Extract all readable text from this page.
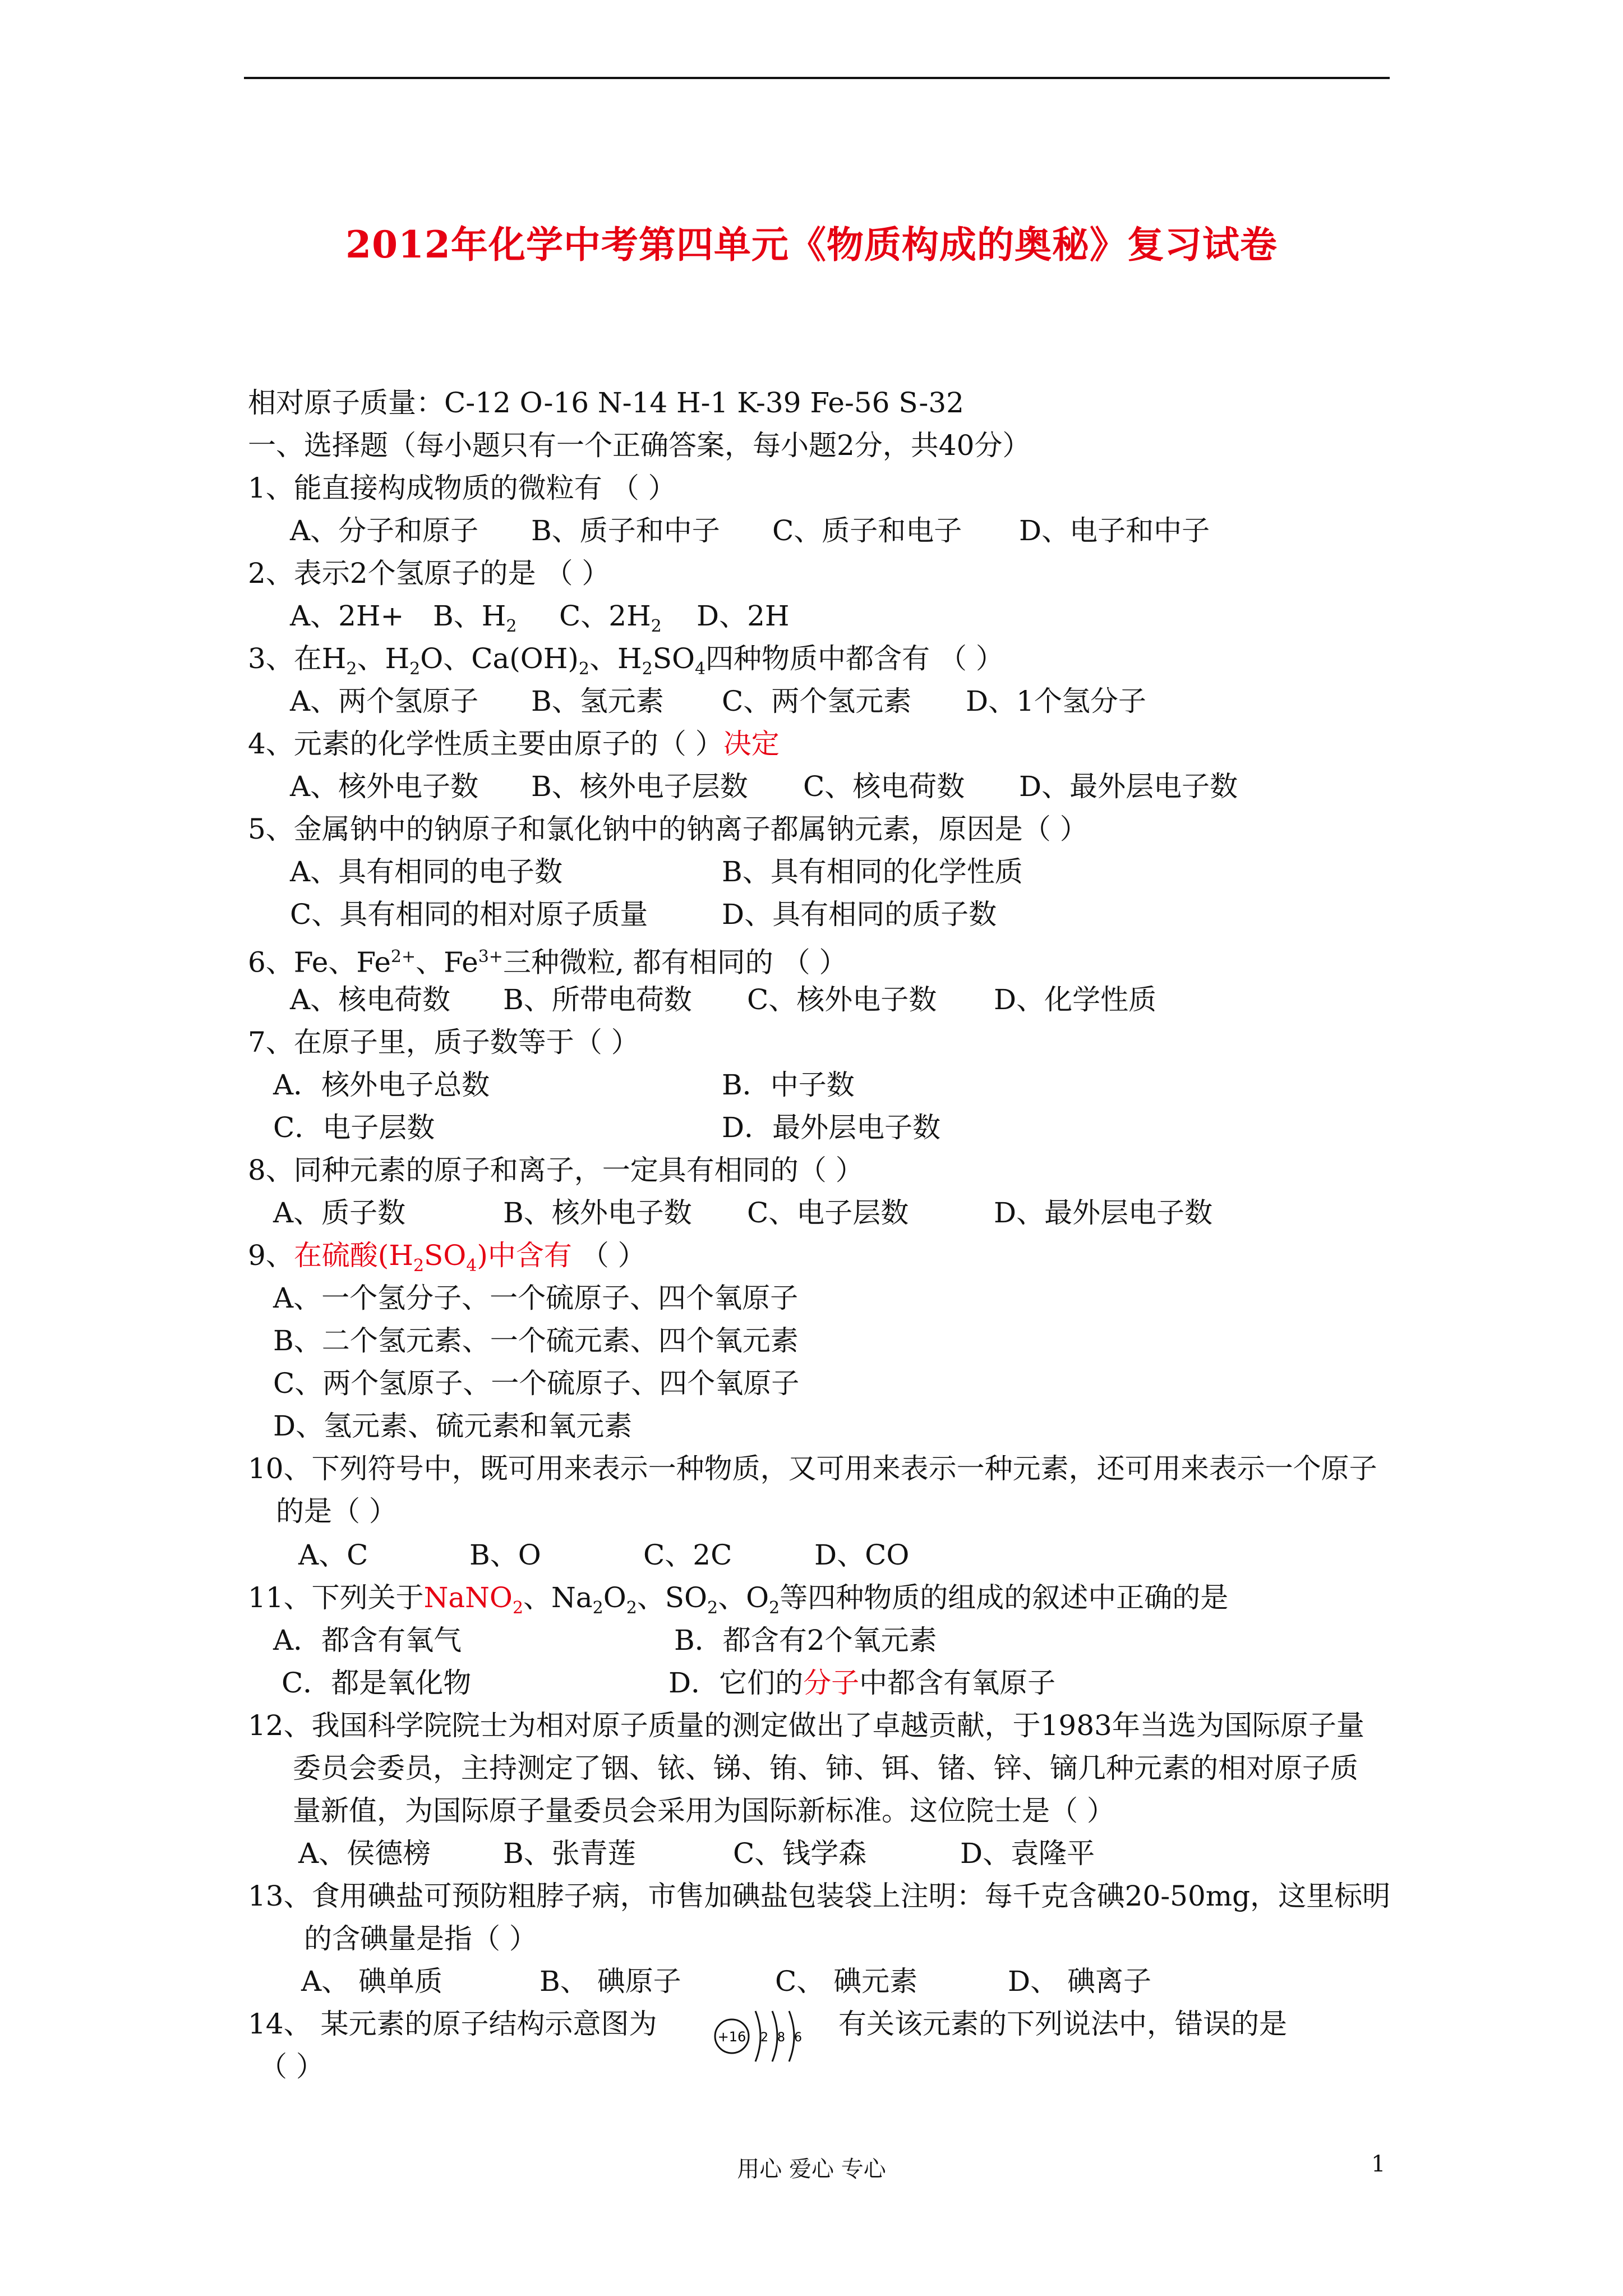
2012年化学中考第四单元《物质构成的奥秘》复习试卷
相对原子质量：C-12 O-16 N-14 H-1 K-39 Fe-56 S-32
一、选择题（每小题只有一个正确答案，每小题2分，共40分）
1、能直接构成物质的微粒有 （ ）
A、分子和原子 B、质子和中子 C、质子和电子 D、电子和中子
2、表示2个氢原子的是 （ ）
A、2H+ B、$H_2$ C、$2H_2$ D、2H
3、在$H_2$、$H_2O$、$Ca(OH)_2$、$H_2SO_4$四种物质中都含有 （ ）
A、两个氢原子 B、氢元素 C、两个氢元素 D、1个氢分子
4、元素的化学性质主要由原子的（ ）决定
A、核外电子数 B、核外电子层数 C、核电荷数 D、最外层电子数
5、金属钠中的钠原子和氯化钠中的钠离子都属钠元素，原因是（ ）
A、具有相同的电子数	B、具有相同的化学性质
C、具有相同的相对原子质量	D、具有相同的质子数
6、Fe、$Fe^{2+}$、$Fe^{3+}$三种微粒, 都有相同的 （ ）
A、核电荷数 B、所带电荷数 C、核外电子数 D、化学性质
7、在原子里，质子数等于（ ）
A．核外电子总数	B．中子数
C．电子层数	D．最外层电子数
8、同种元素的原子和离子，一定具有相同的（ ）
A、质子数	B、核外电子数 C、电子层数	D、最外层电子数
9、在硫酸$(H_2SO_4)$中含有 （ ）
A、一个氢分子、一个硫原子、四个氧原子
B、二个氢元素、一个硫元素、四个氧元素
C、两个氢原子、一个硫原子、四个氧原子
D、氢元素、硫元素和氧元素
10、下列符号中，既可用来表示一种物质，又可用来表示一种元素，还可用来表示一个原子
的是（ ）
A、C	B、O	C、2C	D、CO
11、下列关于NaNO$_2$、$Na_2O_2$、$SO_2$、$O_2$等四种物质的组成的叙述中正确的是
A．都含有氧气	B．都含有2个氧元素
C．都是氧化物	D．它们的分子中都含有氧原子
12、我国科学院院士为相对原子质量的测定做出了卓越贡献，于1983年当选为国际原子量
委员会委员，主持测定了铟、铱、锑、铕、铈、铒、锗、锌、镝几种元素的相对原子质
量新值，为国际原子量委员会采用为国际新标准。这位院士是（ ）
A、侯德榜	B、张青莲	C、钱学森	D、袁隆平
13、食用碘盐可预防粗脖子病，市售加碘盐包装袋上注明：每千克含碘20-50mg，这里标明
的含碘量是指（ ）
A、 碘单质	B、 碘原子	C、 碘元素	D、 碘离子
14、 某元素的原子结构示意图为	+16 2 8 6 有关该元素的下列说法中，错误的是
（ ）
用心 爱心 专心	1
